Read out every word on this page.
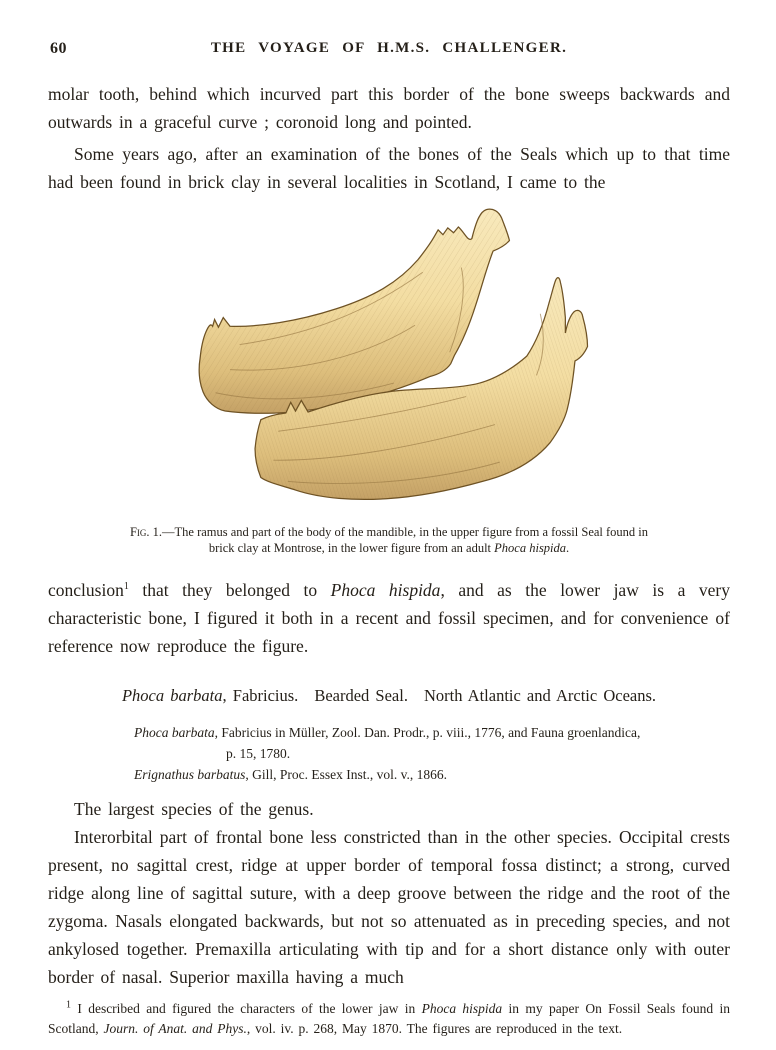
60	THE VOYAGE OF H.M.S. CHALLENGER.

molar tooth, behind which incurved part this border of the bone sweeps backwards and outwards in a graceful curve ; coronoid long and pointed.

Some years ago, after an examination of the bones of the Seals which up to that time had been found in brick clay in several localities in Scotland, I came to the

Fig. 1.—The ramus and part of the body of the mandible, in the upper figure from a fossil Seal found in
brick clay at Montrose, in the lower figure from an adult Phoca hispida.

conclusion$^1$ that they belonged to Phoca hispida, and as the lower jaw is a very characteristic bone, I figured it both in a recent and fossil specimen, and for convenience of reference now reproduce the figure.

Phoca barbata, Fabricius. Bearded Seal. North Atlantic and Arctic Oceans.

Phoca barbata, Fabricius in Müller, Zool. Dan. Prodr., p. viii., 1776, and Fauna groenlandica,
p. 15, 1780.
Erignathus barbatus, Gill, Proc. Essex Inst., vol. v., 1866.

The largest species of the genus.

Interorbital part of frontal bone less constricted than in the other species. Occipital crests present, no sagittal crest, ridge at upper border of temporal fossa distinct; a strong, curved ridge along line of sagittal suture, with a deep groove between the ridge and the root of the zygoma. Nasals elongated backwards, but not so attenuated as in preceding species, and not ankylosed together. Premaxilla articulating with tip and for a short distance only with outer border of nasal. Superior maxilla having a much

$^1$ I described and figured the characters of the lower jaw in Phoca hispida in my paper On Fossil Seals found in Scotland, Journ. of Anat. and Phys., vol. iv. p. 268, May 1870. The figures are reproduced in the text.
